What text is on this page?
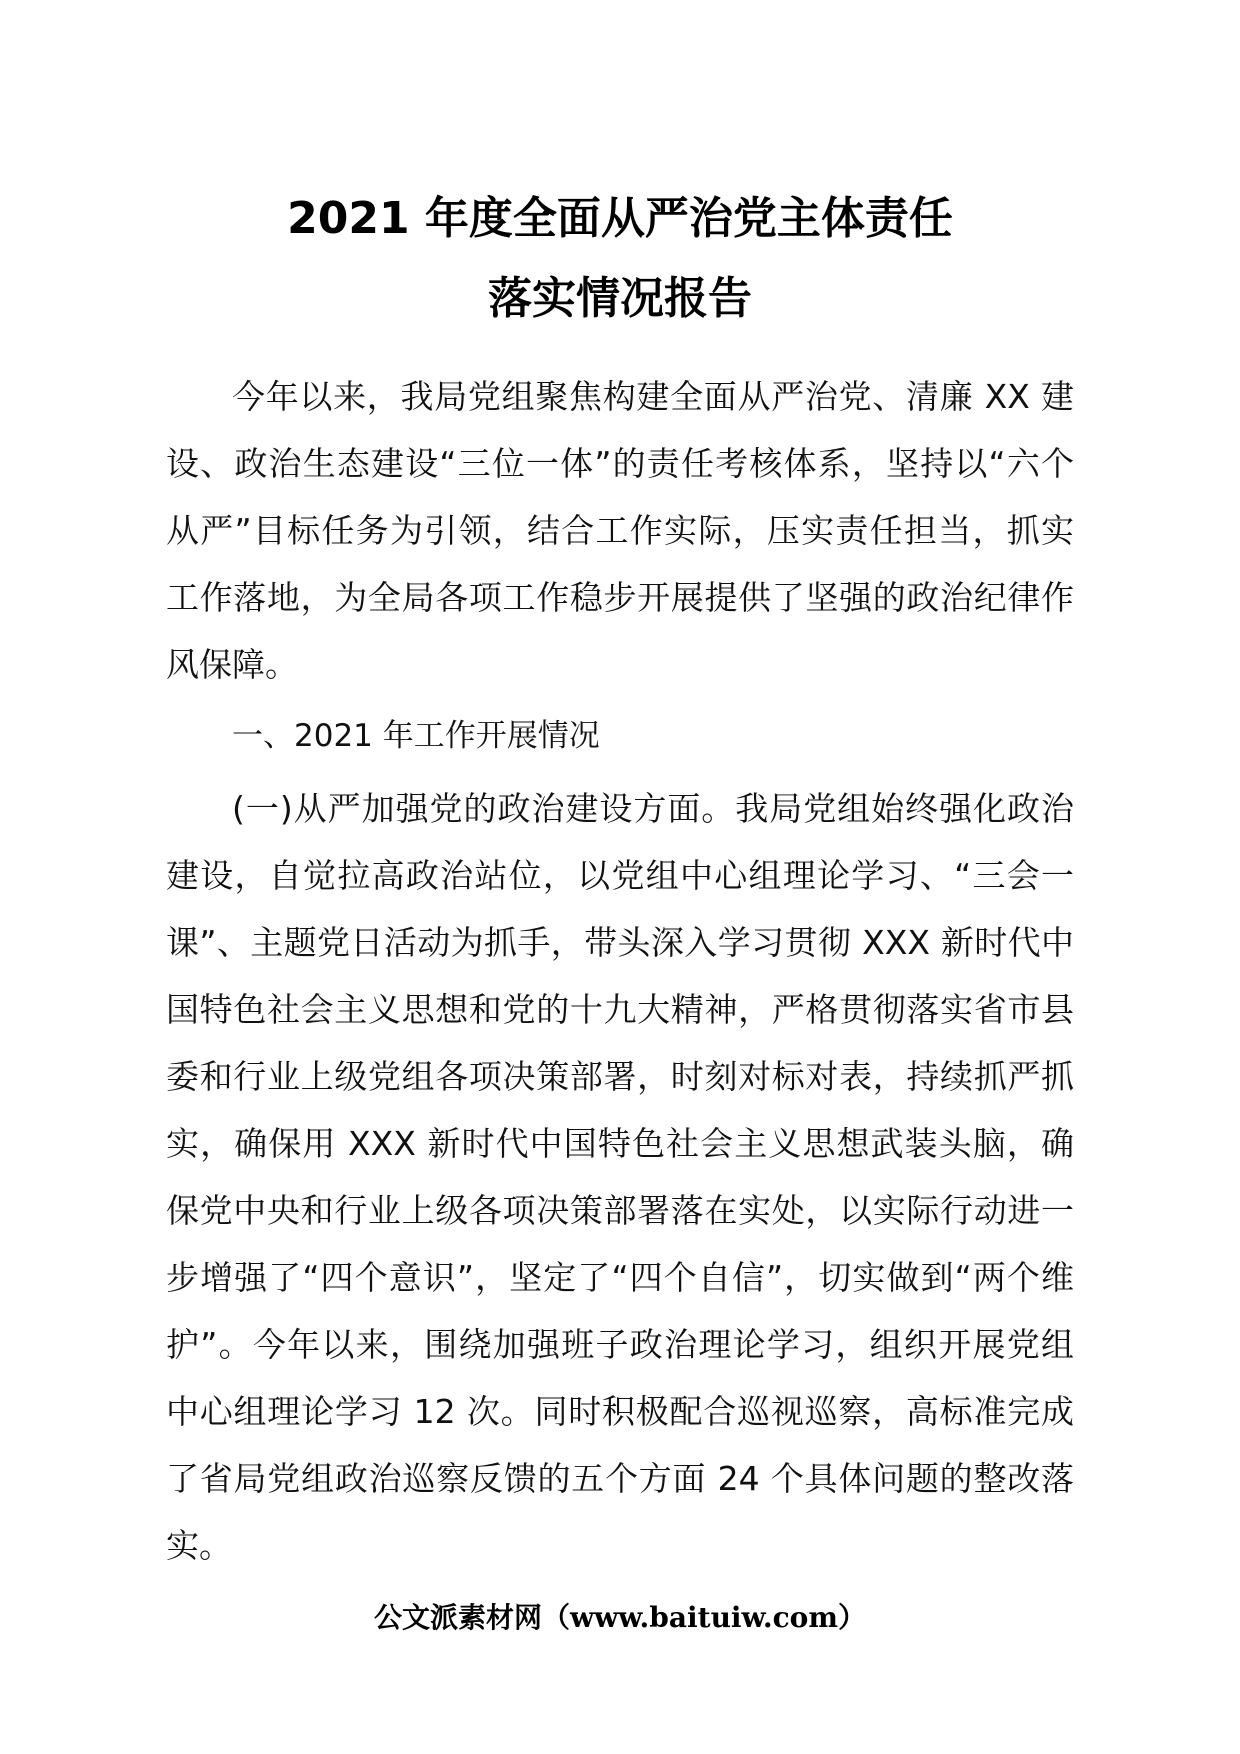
2021 年度全面从严治党主体责任
落实情况报告

今年以来，我局党组聚焦构建全面从严治党、清廉 XX 建设、政治生态建设“三位一体”的责任考核体系，坚持以“六个从严”目标任务为引领，结合工作实际，压实责任担当，抓实工作落地，为全局各项工作稳步开展提供了坚强的政治纪律作风保障。

一、2021 年工作开展情况

(一)从严加强党的政治建设方面。我局党组始终强化政治建设，自觉拉高政治站位，以党组中心组理论学习、“三会一课”、主题党日活动为抓手，带头深入学习贯彻 XXX 新时代中国特色社会主义思想和党的十九大精神，严格贯彻落实省市县委和行业上级党组各项决策部署，时刻对标对表，持续抓严抓实，确保用 XXX 新时代中国特色社会主义思想武装头脑，确保党中央和行业上级各项决策部署落在实处，以实际行动进一步增强了“四个意识”，坚定了“四个自信”，切实做到“两个维护”。今年以来，围绕加强班子政治理论学习，组织开展党组中心组理论学习 12 次。同时积极配合巡视巡察，高标准完成了省局党组政治巡察反馈的五个方面 24 个具体问题的整改落实。

公文派素材网（www.baituiw.com）
